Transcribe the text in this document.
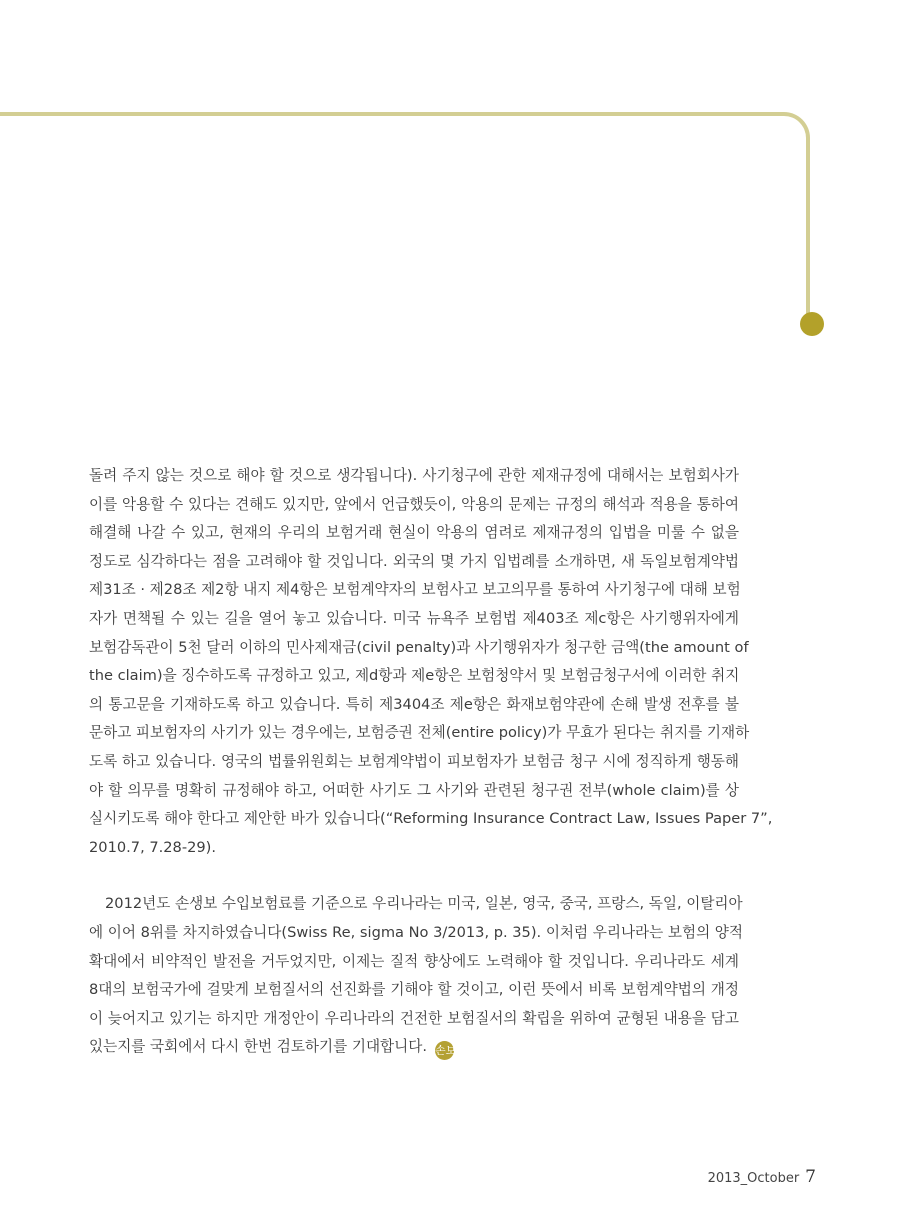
돌려 주지 않는 것으로 해야 할 것으로 생각됩니다). 사기청구에 관한 제재규정에 대해서는 보험회사가
이를 악용할 수 있다는 견해도 있지만, 앞에서 언급했듯이, 악용의 문제는 규정의 해석과 적용을 통하여
해결해 나갈 수 있고, 현재의 우리의 보험거래 현실이 악용의 염려로 제재규정의 입법을 미룰 수 없을
정도로 심각하다는 점을 고려해야 할 것입니다. 외국의 몇 가지 입법례를 소개하면, 새 독일보험계약법
제31조 · 제28조 제2항 내지 제4항은 보험계약자의 보험사고 보고의무를 통하여 사기청구에 대해 보험
자가 면책될 수 있는 길을 열어 놓고 있습니다. 미국 뉴욕주 보험법 제403조 제c항은 사기행위자에게
보험감독관이 5천 달러 이하의 민사제재금(civil penalty)과 사기행위자가 청구한 금액(the amount of
the claim)을 징수하도록 규정하고 있고, 제d항과 제e항은 보험청약서 및 보험금청구서에 이러한 취지
의 통고문을 기재하도록 하고 있습니다. 특히 제3404조 제e항은 화재보험약관에 손해 발생 전후를 불
문하고 피보험자의 사기가 있는 경우에는, 보험증권 전체(entire policy)가 무효가 된다는 취지를 기재하
도록 하고 있습니다. 영국의 법률위원회는 보험계약법이 피보험자가 보험금 청구 시에 정직하게 행동해
야 할 의무를 명확히 규정해야 하고, 어떠한 사기도 그 사기와 관련된 청구권 전부(whole claim)를 상
실시키도록 해야 한다고 제안한 바가 있습니다(“Reforming Insurance Contract Law, Issues Paper 7”,
2010.7, 7.28-29).
2012년도 손생보 수입보험료를 기준으로 우리나라는 미국, 일본, 영국, 중국, 프랑스, 독일, 이탈리아
에 이어 8위를 차지하였습니다(Swiss Re, sigma No 3/2013, p. 35). 이처럼 우리나라는 보험의 양적
확대에서 비약적인 발전을 거두었지만, 이제는 질적 향상에도 노력해야 할 것입니다. 우리나라도 세계
8대의 보험국가에 걸맞게 보험질서의 선진화를 기해야 할 것이고, 이런 뜻에서 비록 보험계약법의 개정
이 늦어지고 있기는 하지만 개정안이 우리나라의 건전한 보험질서의 확립을 위하여 균형된 내용을 담고
있는지를 국회에서 다시 한번 검토하기를 기대합니다. 손보
2013_October 7
